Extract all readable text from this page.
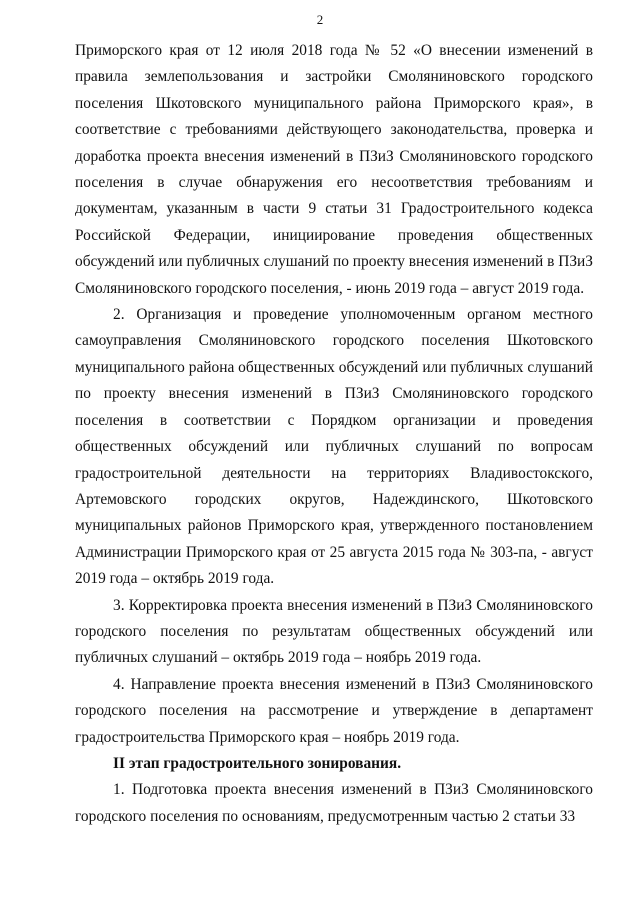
2

Приморского края от 12 июля 2018 года № 52 «О внесении изменений в правила землепользования и застройки Смоляниновского городского поселения Шкотовского муниципального района Приморского края», в соответствие с требованиями действующего законодательства, проверка и доработка проекта внесения изменений в ПЗиЗ Смоляниновского городского поселения в случае обнаружения его несоответствия требованиям и документам, указанным в части 9 статьи 31 Градостроительного кодекса Российской Федерации, инициирование проведения общественных обсуждений или публичных слушаний по проекту внесения изменений в ПЗиЗ Смоляниновского городского поселения, - июнь 2019 года – август 2019 года.

2. Организация и проведение уполномоченным органом местного самоуправления Смоляниновского городского поселения Шкотовского муниципального района общественных обсуждений или публичных слушаний по проекту внесения изменений в ПЗиЗ Смоляниновского городского поселения в соответствии с Порядком организации и проведения общественных обсуждений или публичных слушаний по вопросам градостроительной деятельности на территориях Владивостокского, Артемовского городских округов, Надеждинского, Шкотовского муниципальных районов Приморского края, утвержденного постановлением Администрации Приморского края от 25 августа 2015 года № 303-па, - август 2019 года – октябрь 2019 года.

3. Корректировка проекта внесения изменений в ПЗиЗ Смоляниновского городского поселения по результатам общественных обсуждений или публичных слушаний – октябрь 2019 года – ноябрь 2019 года.

4. Направление проекта внесения изменений в ПЗиЗ Смоляниновского городского поселения на рассмотрение и утверждение в департамент градостроительства Приморского края – ноябрь 2019 года.

II этап градостроительного зонирования.

1. Подготовка проекта внесения изменений в ПЗиЗ Смоляниновского городского поселения по основаниям, предусмотренным частью 2 статьи 33
